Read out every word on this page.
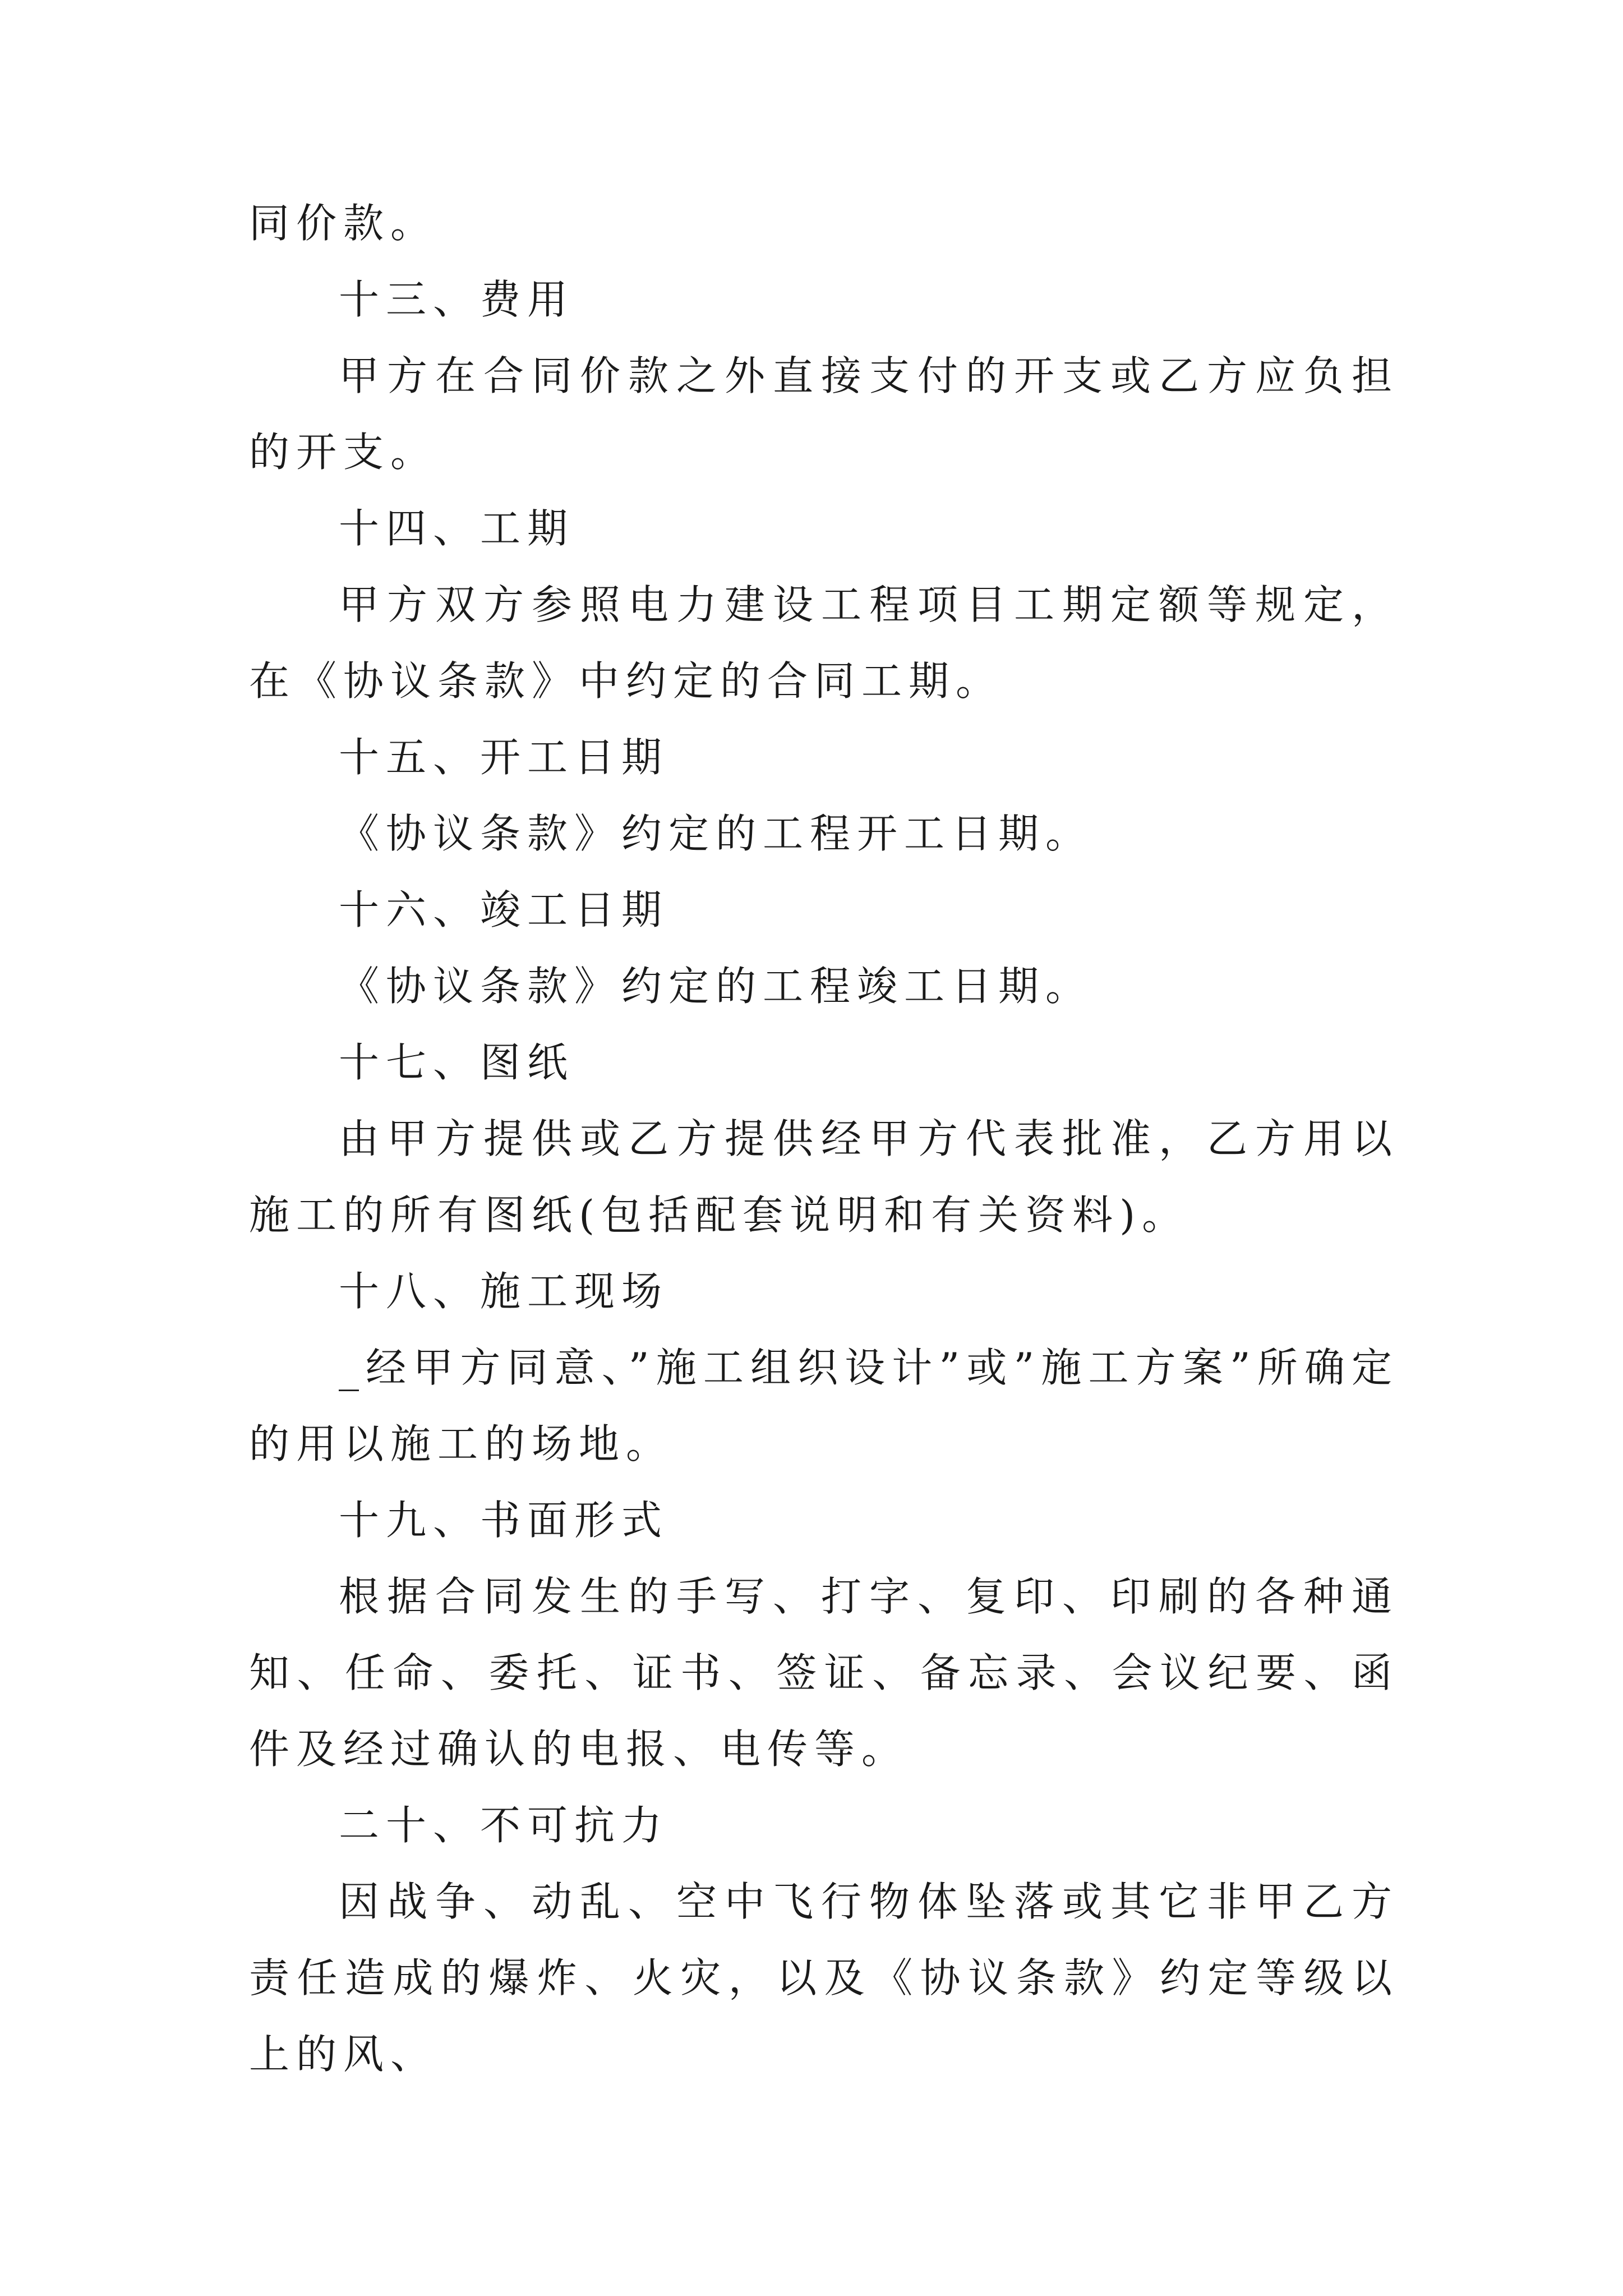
同价款。

十三、费用

甲方在合同价款之外直接支付的开支或乙方应负担的开支。

十四、工期

甲方双方参照电力建设工程项目工期定额等规定，在《协议条款》中约定的合同工期。

十五、开工日期

《协议条款》约定的工程开工日期。

十六、竣工日期

《协议条款》约定的工程竣工日期。

十七、图纸

由甲方提供或乙方提供经甲方代表批准，乙方用以施工的所有图纸(包括配套说明和有关资料)。

十八、施工现场

_经甲方同意、”施工组织设计”或”施工方案”所确定的用以施工的场地。

十九、书面形式

根据合同发生的手写、打字、复印、印刷的各种通知、任命、委托、证书、签证、备忘录、会议纪要、函件及经过确认的电报、电传等。

二十、不可抗力

因战争、动乱、空中飞行物体坠落或其它非甲乙方责任造成的爆炸、火灾，以及《协议条款》约定等级以上的风、
